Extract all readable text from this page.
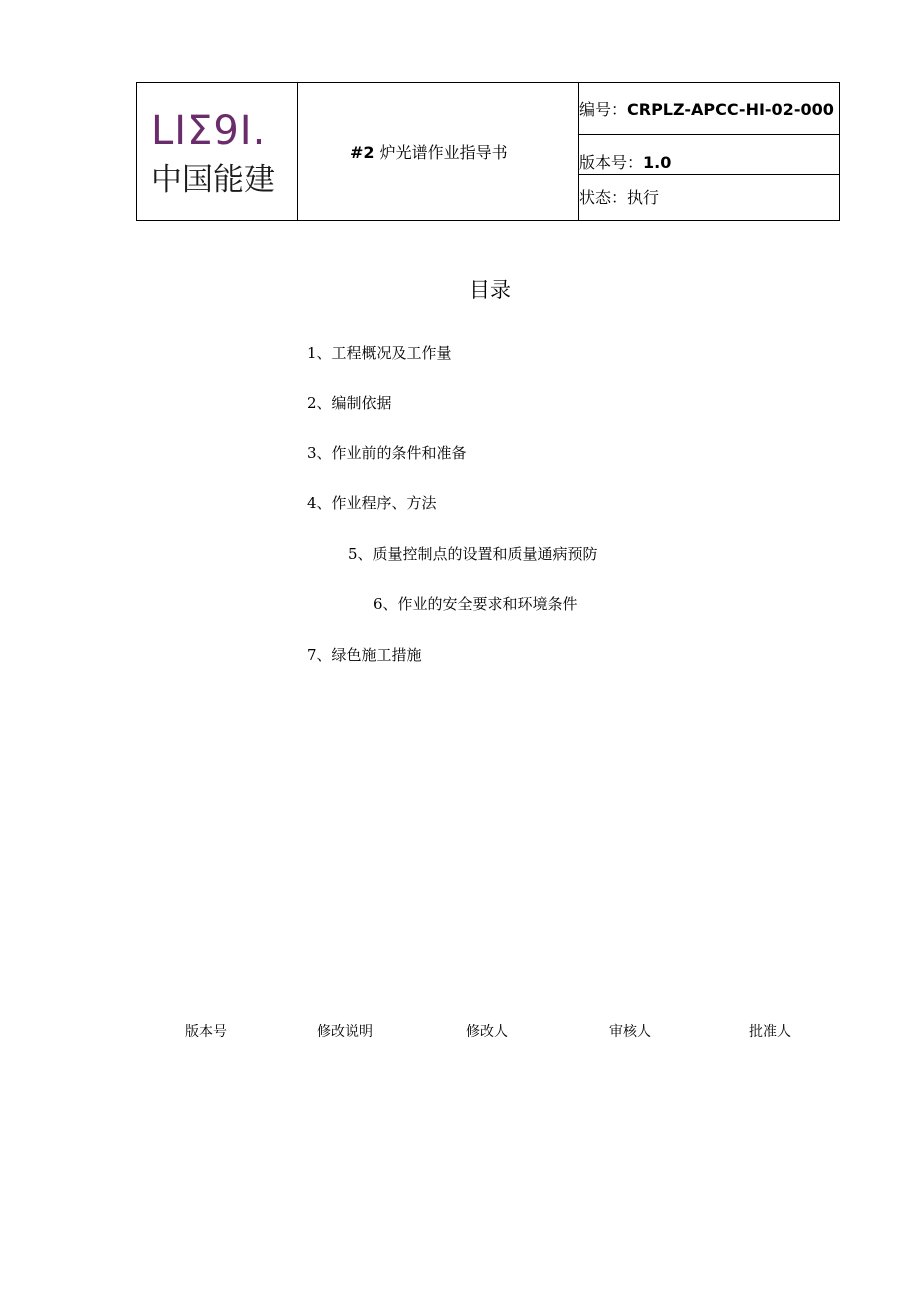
LIΣ9I.
中国能建
#2 炉光谱作业指导书
编号：CRPLZ-APCC-HI-02-000
版本号：1.0
状态：执行
目录
1、工程概况及工作量
2、编制依据
3、作业前的条件和准备
4、作业程序、方法
5、质量控制点的设置和质量通病预防
6、作业的安全要求和环境条件
7、绿色施工措施
版本号	修改说明	修改人	审核人	批准人
